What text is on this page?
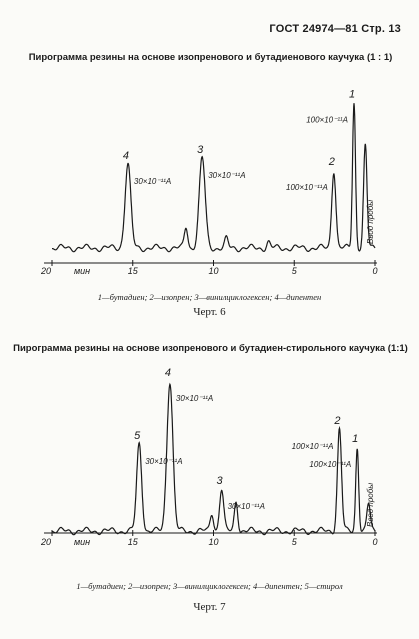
ГОСТ 24974—81 Стр. 13
Пирограмма резины на основе изопренового и бутадиенового каучука (1 : 1)
Ввод пробы
4
30×10⁻¹¹А
3
30×10⁻¹¹А
2
100×10⁻¹¹А
1
100×10⁻¹¹А
20	15	10	5	0
мин
1—бутадиен; 2—изопрен; 3—винилциклогексен; 4—дипентен
Черт. 6
Пирограмма резины на основе изопренового и бутадиен-стирольного каучука (1:1)
Ввод пробы
5
30×10⁻¹¹А
4
30×10⁻¹¹А
3
30×10⁻¹¹А
2
100×10⁻¹¹А
1
100×10⁻¹¹А
20	15	10	5	0
мин
1—бутадиен; 2—изопрен; 3—винилциклогексен; 4—дипентен; 5—стирол
Черт. 7
